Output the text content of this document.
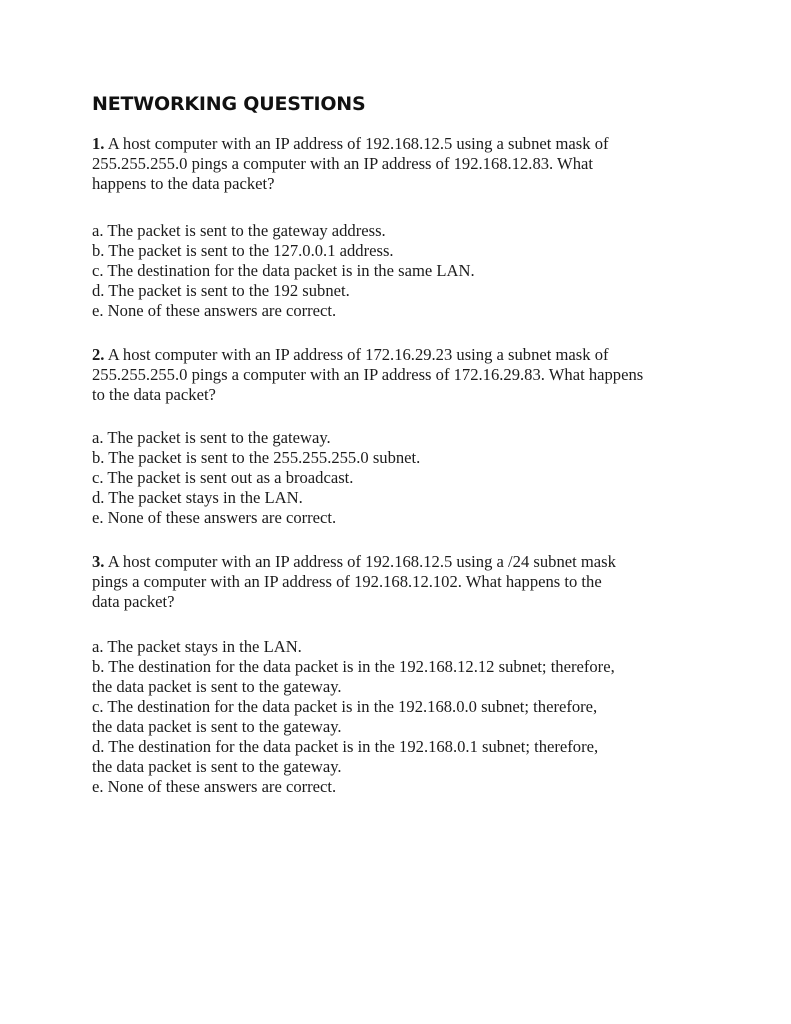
NETWORKING QUESTIONS

1. A host computer with an IP address of 192.168.12.5 using a subnet mask of

255.255.255.0 pings a computer with an IP address of 192.168.12.83. What

happens to the data packet?

a. The packet is sent to the gateway address.

b. The packet is sent to the 127.0.0.1 address.

c. The destination for the data packet is in the same LAN.

d. The packet is sent to the 192 subnet.

e. None of these answers are correct.

2. A host computer with an IP address of 172.16.29.23 using a subnet mask of

255.255.255.0 pings a computer with an IP address of 172.16.29.83. What happens

to the data packet?

a. The packet is sent to the gateway.

b. The packet is sent to the 255.255.255.0 subnet.

c. The packet is sent out as a broadcast.

d. The packet stays in the LAN.

e. None of these answers are correct.

3. A host computer with an IP address of 192.168.12.5 using a /24 subnet mask

pings a computer with an IP address of 192.168.12.102. What happens to the

data packet?

a. The packet stays in the LAN.

b. The destination for the data packet is in the 192.168.12.12 subnet; therefore,

the data packet is sent to the gateway.

c. The destination for the data packet is in the 192.168.0.0 subnet; therefore,

the data packet is sent to the gateway.

d. The destination for the data packet is in the 192.168.0.1 subnet; therefore,

the data packet is sent to the gateway.

e. None of these answers are correct.
